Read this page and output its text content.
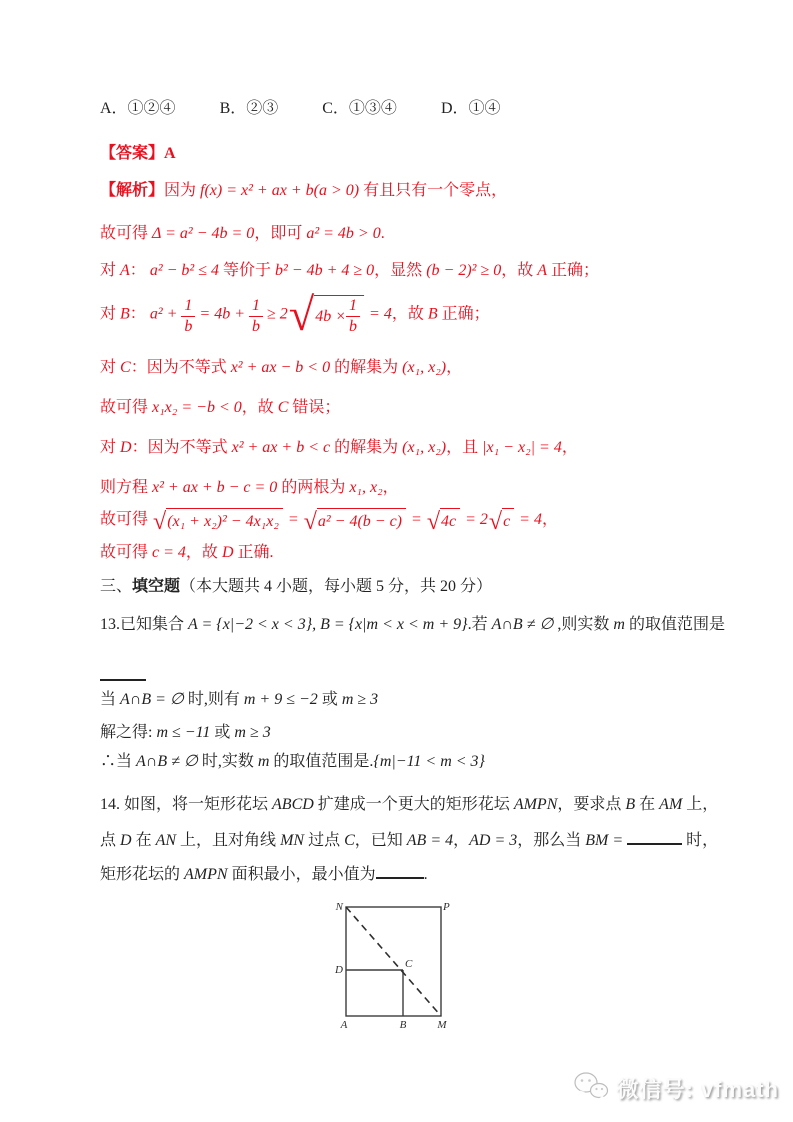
A．①②④	B．②③	C．①③④	D．①④
【答案】A
【解析】因为 f(x) = x² + ax + b(a > 0) 有且只有一个零点，
故可得 Δ = a² − 4b = 0，即可 a² = 4b > 0.
对 A： a² − b² ≤ 4 等价于 b² − 4b + 4 ≥ 0，显然 (b − 2)² ≥ 0，故 A 正确；
对 B： $a^2 + \frac{1}{b} = 4b + \frac{1}{b} \ge 2$ √ $4b \times \frac{1}{b} = 4$，故 B 正确；
对 C：因为不等式 x² + ax − b < 0 的解集为 (x₁, x₂)，
故可得 x₁x₂ = −b < 0，故 C 错误；
对 D：因为不等式 x² + ax + b < c 的解集为 (x₁, x₂)，且 |x₁ − x₂| = 4，
则方程 x² + ax + b − c = 0 的两根为 x₁, x₂，
故可得 √ (x₁ + x₂)² − 4x₁x₂ = √ a² − 4(b − c) = √ 4c = 2 √ c = 4，
故可得 c = 4，故 D 正确.
三、填空题（本大题共 4 小题，每小题 5 分，共 20 分）
13.已知集合 A = {x|−2 < x < 3}, B = {x|m < x < m + 9}.若 A∩B ≠ ∅ ,则实数 m 的取值范围是
当 A∩B = ∅ 时,则有 m + 9 ≤ −2 或 m ≥ 3
解之得: m ≤ −11 或 m ≥ 3
∴当 A∩B ≠ ∅ 时,实数 m 的取值范围是.{m|−11 < m < 3}
14. 如图，将一矩形花坛 ABCD 扩建成一个更大的矩形花坛 AMPN，要求点 B 在 AM 上，
点 D 在 AN 上，且对角线 MN 过点 C，已知 AB = 4，AD = 3，那么当 BM =	时，
矩形花坛的 AMPN 面积最小，最小值为	.
N	P
D	C
A	B	M
微信号: vfmath
